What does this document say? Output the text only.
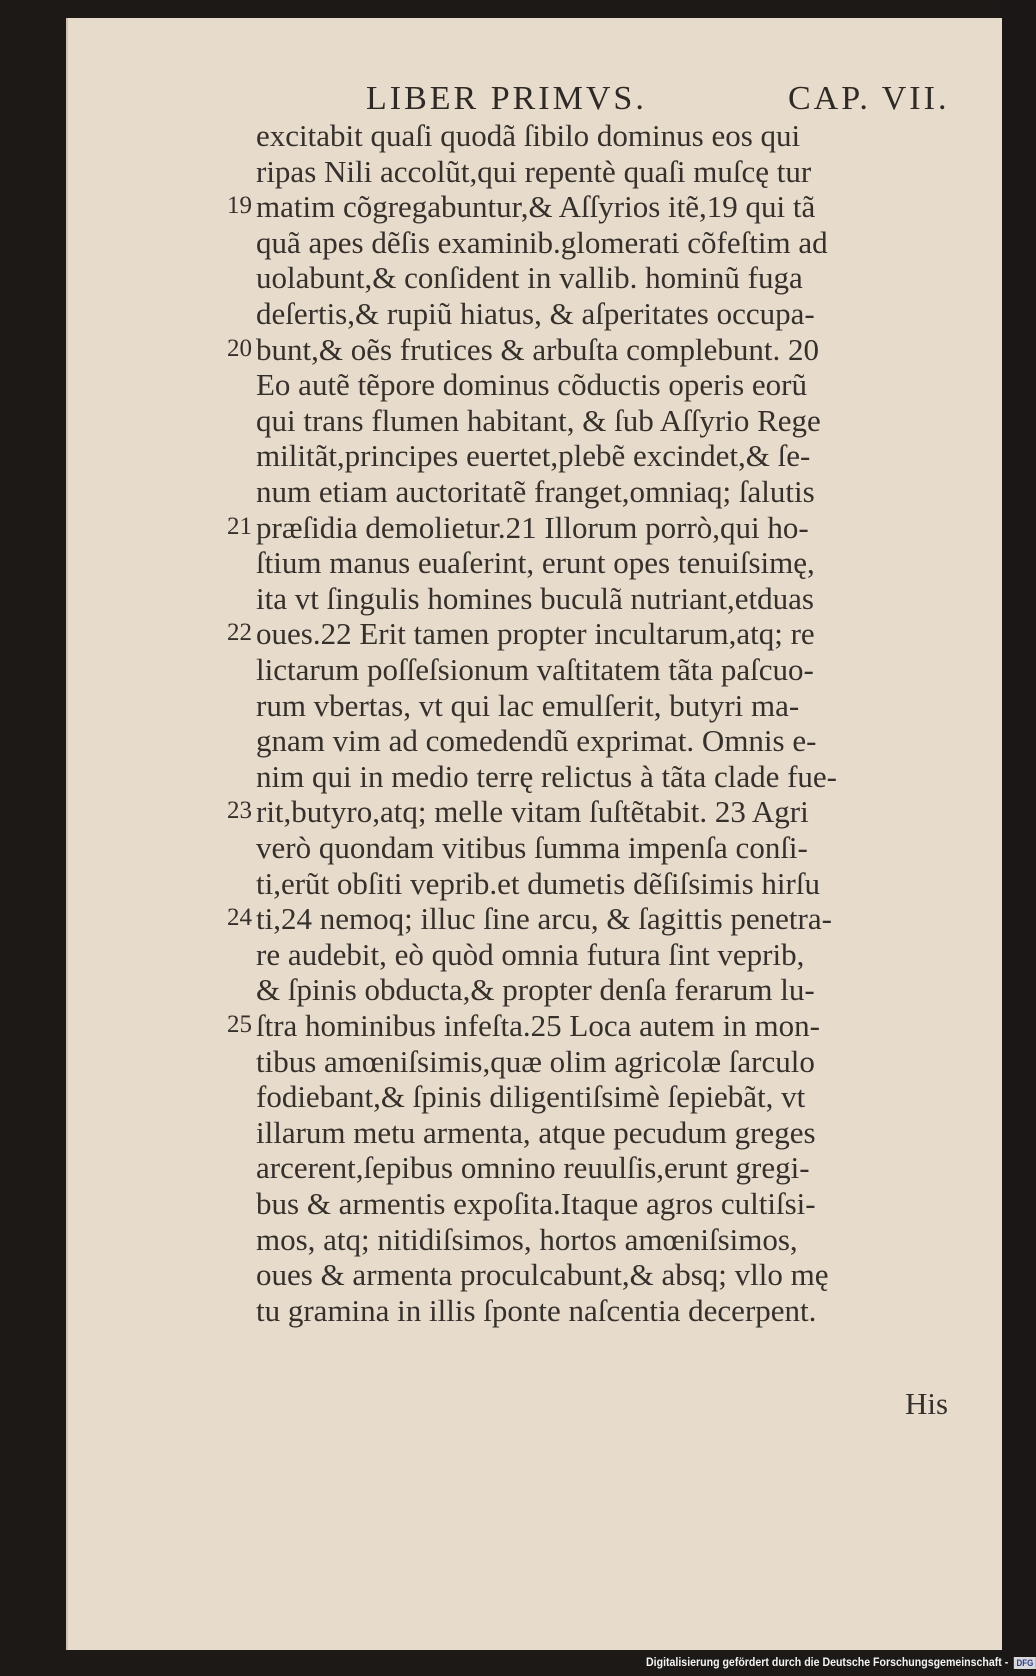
LIBER PRIMVS.	CAP. VII.
excitabit quaſi quodã ſibilo dominus eos qui
ripas Nili accolũt,qui repentè quaſi muſcę tur
matim cõgregabuntur,& Aſſyrios itẽ,19 qui tã
quã apes dẽſis examinib.glomerati cõfeſtim ad
uolabunt,& conſident in vallib. hominũ fuga
deſertis,& rupiũ hiatus, & aſperitates occupa-
bunt,& oẽs frutices & arbuſta complebunt. 20
Eo autẽ tẽpore dominus cõductis operis eorũ
qui trans flumen habitant, & ſub Aſſyrio Rege
militãt,principes euertet,plebẽ excindet,& ſe-
num etiam auctoritatẽ franget,omniaq; ſalutis
præſidia demolietur.21 Illorum porrò,qui ho-
ſtium manus euaſerint, erunt opes tenuiſsimę,
ita vt ſingulis homines buculã nutriant,etduas
oues.22 Erit tamen propter incultarum,atq; re
lictarum poſſeſsionum vaſtitatem tãta paſcuo-
rum vbertas, vt qui lac emulſerit, butyri ma-
gnam vim ad comedendũ exprimat. Omnis e-
nim qui in medio terrę relictus à tãta clade fue-
rit,butyro,atq; melle vitam ſuſtẽtabit. 23 Agri
verò quondam vitibus ſumma impenſa conſi-
ti,erũt obſiti veprib.et dumetis dẽſiſsimis hirſu
ti,24 nemoq; illuc ſine arcu, & ſagittis penetra-
re audebit, eò quòd omnia futura ſint veprib,
& ſpinis obducta,& propter denſa ferarum lu-
ſtra hominibus infeſta.25 Loca autem in mon-
tibus amœniſsimis,quæ olim agricolæ ſarculo
fodiebant,& ſpinis diligentiſsimè ſepiebãt, vt
illarum metu armenta, atque pecudum greges
arcerent,ſepibus omnino reuulſis,erunt gregi-
bus & armentis expoſita.Itaque agros cultiſsi-
mos, atq; nitidiſsimos, hortos amœniſsimos,
oues & armenta proculcabunt,& absq; vllo mę
tu gramina in illis ſponte naſcentia decerpent.
19
20
21
22
23
24
25
His
Digitalisierung gefördert durch die Deutsche Forschungsgemeinschaft - DFG
